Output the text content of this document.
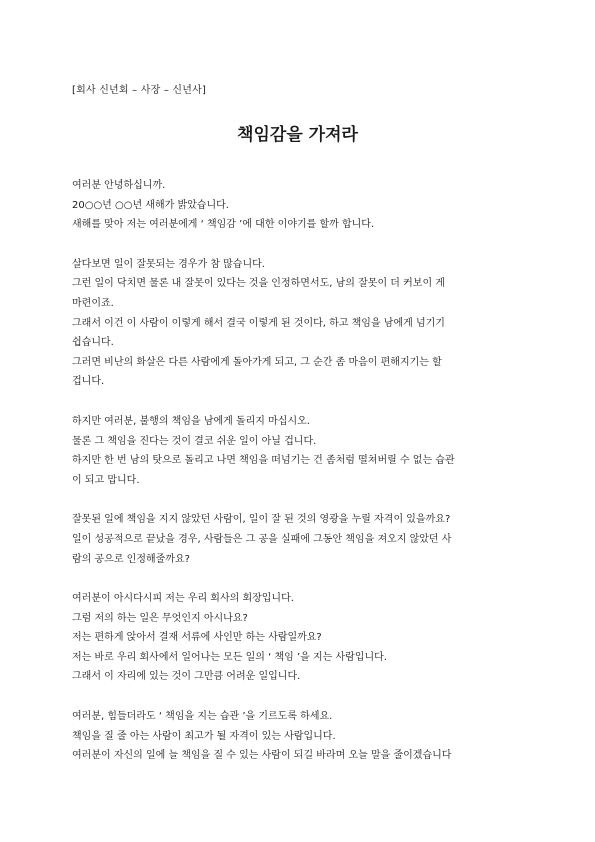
[회사 신년회 – 사장 – 신년사]
책임감을 가져라
여러분 안녕하십니까.
20○○년 ○○년 새해가 밝았습니다.
새해를 맞아 저는 여러분에게 ‘ 책임감 ’에 대한 이야기를 할까 합니다.
살다보면 일이 잘못되는 경우가 참 많습니다.
그런 일이 닥치면 물론 내 잘못이 있다는 것을 인정하면서도, 남의 잘못이 더 커보이 게
마련이죠.
그래서 이건 이 사람이 이렇게 해서 결국 이렇게 된 것이다, 하고 책임을 남에게 넘기기
쉽습니다.
그러면 비난의 화살은 다른 사람에게 돌아가게 되고, 그 순간 좀 마음이 편해지기는 할
겁니다.
하지만 여러분, 불행의 책임을 남에게 돌리지 마십시오.
물론 그 책임을 진다는 것이 결코 쉬운 일이 아닐 겁니다.
하지만 한 번 남의 탓으로 돌리고 나면 책임을 떠넘기는 건 좀처럼 떨쳐버릴 수 없는 습관
이 되고 맙니다.
잘못된 일에 책임을 지지 않았던 사람이, 일이 잘 된 것의 영광을 누릴 자격이 있을까요?
일이 성공적으로 끝났을 경우, 사람들은 그 공을 실패에 그동안 책임을 져오지 않았던 사
람의 공으로 인정해줄까요?
여러분이 아시다시피 저는 우리 회사의 회장입니다.
그럼 저의 하는 일은 무엇인지 아시나요?
저는 편하게 앉아서 결재 서류에 사인만 하는 사람일까요?
저는 바로 우리 회사에서 일어나는 모든 일의 ‘ 책임 ’을 지는 사람입니다.
그래서 이 자리에 있는 것이 그만큼 어려운 일입니다.
여러분, 힘들더라도 ‘ 책임을 지는 습관 ’을 기르도록 하세요.
책임을 질 줄 아는 사람이 최고가 될 자격이 있는 사람입니다.
여러분이 자신의 일에 늘 책임을 질 수 있는 사람이 되길 바라며 오늘 말을 줄이겠습니다
